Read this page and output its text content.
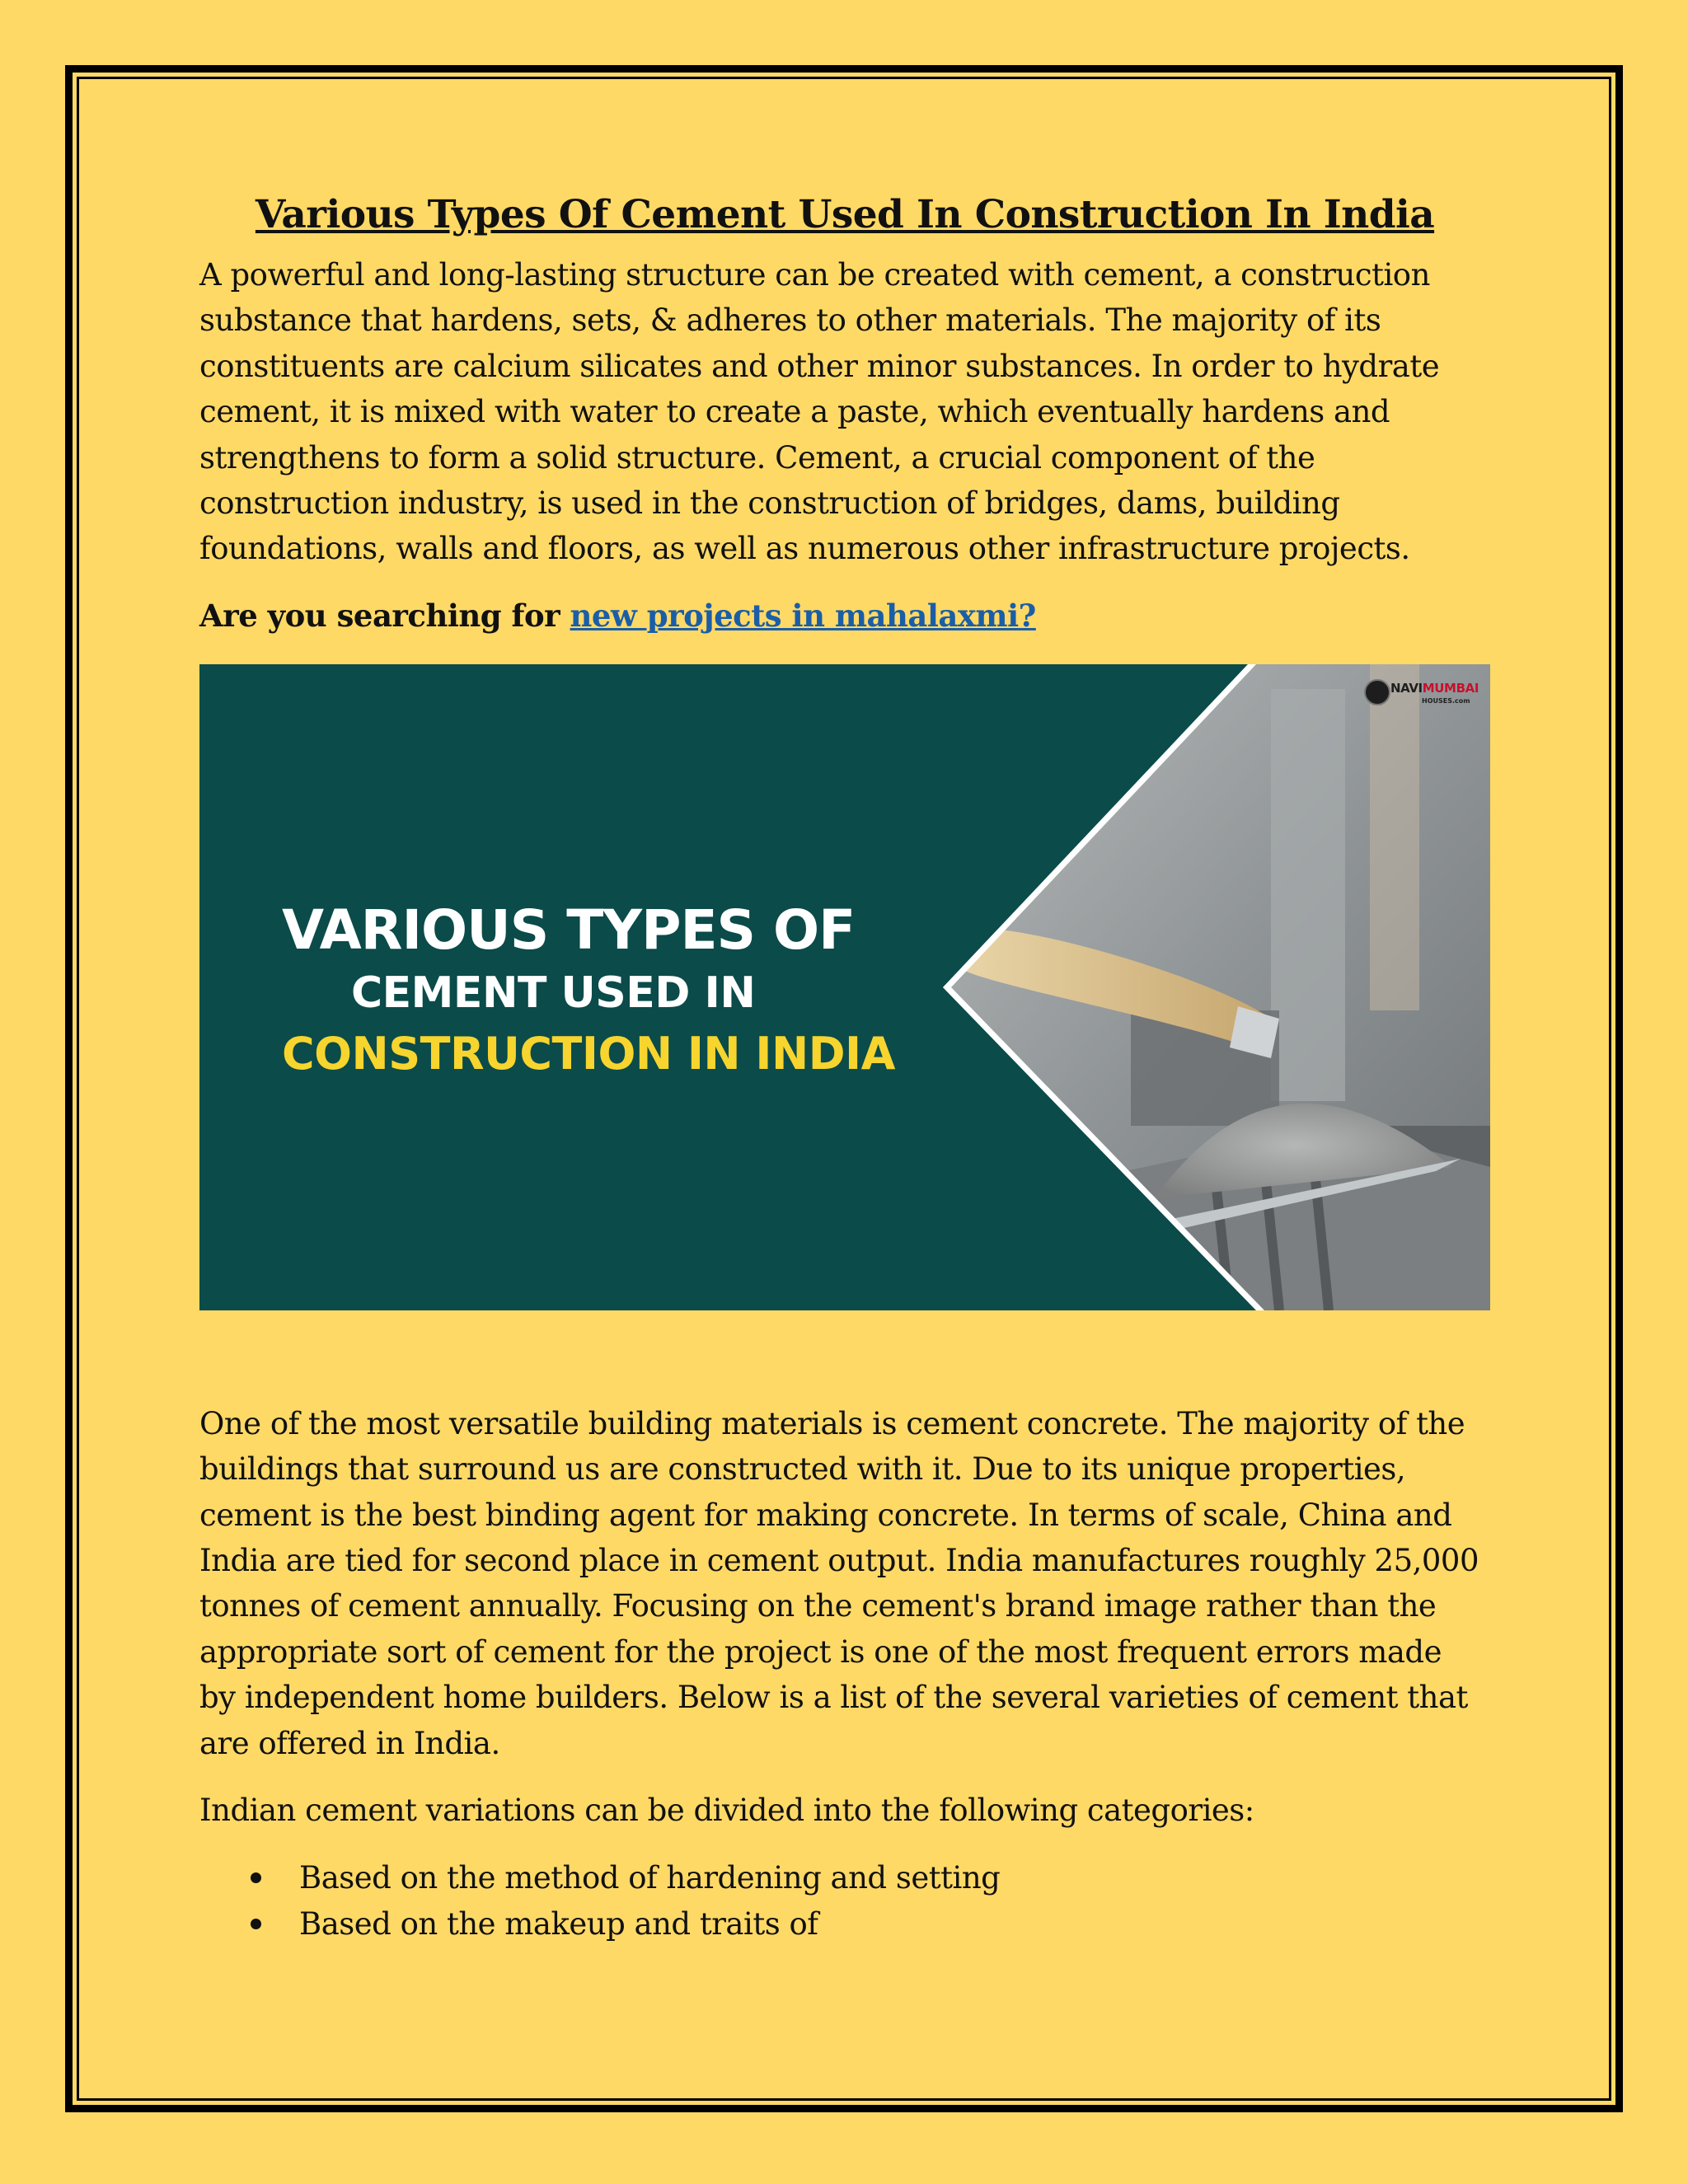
Various Types Of Cement Used In Construction In India

A powerful and long-lasting structure can be created with cement, a construction
substance that hardens, sets, & adheres to other materials. The majority of its
constituents are calcium silicates and other minor substances. In order to hydrate
cement, it is mixed with water to create a paste, which eventually hardens and
strengthens to form a solid structure. Cement, a crucial component of the
construction industry, is used in the construction of bridges, dams, building
foundations, walls and floors, as well as numerous other infrastructure projects.

Are you searching for new projects in mahalaxmi?

VARIOUS TYPES OF
CEMENT USED IN
CONSTRUCTION IN INDIA
NAVIMUMBAI
HOUSES.com

One of the most versatile building materials is cement concrete. The majority of the
buildings that surround us are constructed with it. Due to its unique properties,
cement is the best binding agent for making concrete. In terms of scale, China and
India are tied for second place in cement output. India manufactures roughly 25,000
tonnes of cement annually. Focusing on the cement's brand image rather than the
appropriate sort of cement for the project is one of the most frequent errors made
by independent home builders. Below is a list of the several varieties of cement that
are offered in India.

Indian cement variations can be divided into the following categories:

Based on the method of hardening and setting
Based on the makeup and traits of
